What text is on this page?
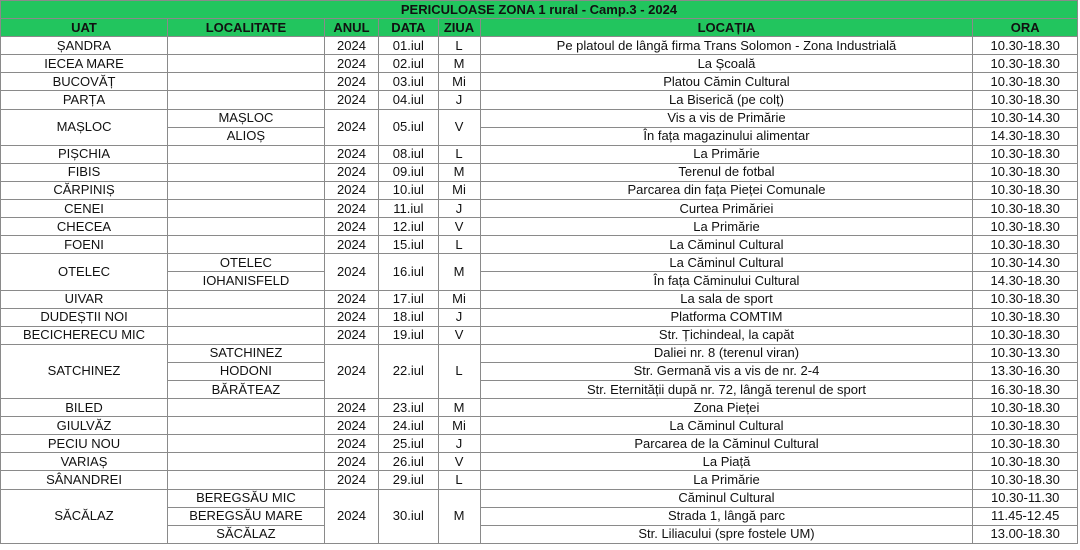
PERICULOASE ZONA 1 rural - Camp.3 - 2024						
UAT	LOCALITATE	ANUL	DATA	ZIUA	LOCAȚIA	ORA
ȘANDRA		2024	01.iul	L	Pe platoul de lângă firma Trans Solomon - Zona Industrială	10.30-18.30
IECEA MARE		2024	02.iul	M	La Școală	10.30-18.30
BUCOVĂȚ		2024	03.iul	Mi	Platou Cămin Cultural	10.30-18.30
PARȚA		2024	04.iul	J	La Biserică (pe colț)	10.30-18.30
MAȘLOC	MAȘLOC	2024	05.iul	V	Vis a vis de Primărie	10.30-14.30
	ALIOȘ				În fața magazinului alimentar	14.30-18.30
PIȘCHIA		2024	08.iul	L	La Primărie	10.30-18.30
FIBIS		2024	09.iul	M	Terenul de fotbal	10.30-18.30
CĂRPINIȘ		2024	10.iul	Mi	Parcarea din fața Pieței Comunale	10.30-18.30
CENEI		2024	11.iul	J	Curtea Primăriei	10.30-18.30
CHECEA		2024	12.iul	V	La Primărie	10.30-18.30
FOENI		2024	15.iul	L	La Căminul Cultural	10.30-18.30
OTELEC	OTELEC	2024	16.iul	M	La Căminul Cultural	10.30-14.30
	IOHANISFELD				În fața Căminului Cultural	14.30-18.30
UIVAR		2024	17.iul	Mi	La sala de sport	10.30-18.30
DUDEȘTII NOI		2024	18.iul	J	Platforma COMTIM	10.30-18.30
BECICHERECU MIC		2024	19.iul	V	Str. Țichindeal, la capăt	10.30-18.30
SATCHINEZ	SATCHINEZ	2024	22.iul	L	Daliei nr. 8 (terenul viran)	10.30-13.30
	HODONI				Str. Germană vis a vis de nr. 2-4	13.30-16.30
	BĂRĂTEAZ				Str. Eternității după nr. 72, lângă terenul de sport	16.30-18.30
BILED		2024	23.iul	M	Zona Pieței	10.30-18.30
GIULVĂZ		2024	24.iul	Mi	La Căminul Cultural	10.30-18.30
PECIU NOU		2024	25.iul	J	Parcarea de la Căminul Cultural	10.30-18.30
VARIAȘ		2024	26.iul	V	La Piață	10.30-18.30
SÂNANDREI		2024	29.iul	L	La Primărie	10.30-18.30
SĂCĂLAZ	BEREGSĂU MIC	2024	30.iul	M	Căminul Cultural	10.30-11.30
	BEREGSĂU MARE				Strada 1, lângă parc	11.45-12.45
	SĂCĂLAZ				Str. Liliacului (spre fostele UM)	13.00-18.30
